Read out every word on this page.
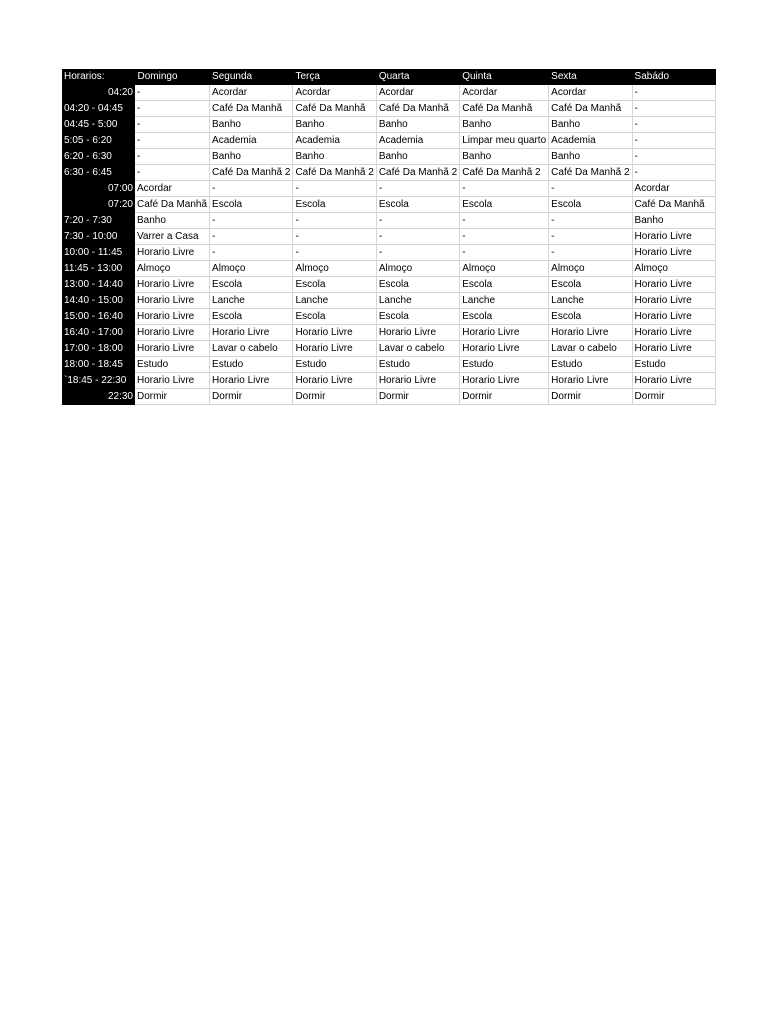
Horarios:	Domingo	Segunda	Terça	Quarta	Quinta	Sexta	Sabádo
04:20	-	Acordar	Acordar	Acordar	Acordar	Acordar	-
04:20 - 04:45	-	Café Da Manhã	Café Da Manhã	Café Da Manhã	Café Da Manhã	Café Da Manhã	-
04:45 - 5:00	-	Banho	Banho	Banho	Banho	Banho	-
5:05 - 6:20	-	Academia	Academia	Academia	Limpar meu quarto	Academia	-
6:20 - 6:30	-	Banho	Banho	Banho	Banho	Banho	-
6:30 - 6:45	-	Café Da Manhã 2	Café Da Manhã 2	Café Da Manhã 2	Café Da Manhã 2	Café Da Manhã 2	-
07:00	Acordar	-	-	-	-	-	Acordar
07:20	Café Da Manhã	Escola	Escola	Escola	Escola	Escola	Café Da Manhã
7:20 - 7:30	Banho	-	-	-	-	-	Banho
7:30 - 10:00	Varrer a Casa	-	-	-	-	-	Horario Livre
10:00 - 11:45	Horario Livre	-	-	-	-	-	Horario Livre
11:45 - 13:00	Almoço	Almoço	Almoço	Almoço	Almoço	Almoço	Almoço
13:00 - 14:40	Horario Livre	Escola	Escola	Escola	Escola	Escola	Horario Livre
14:40 - 15:00	Horario Livre	Lanche	Lanche	Lanche	Lanche	Lanche	Horario Livre
15:00 - 16:40	Horario Livre	Escola	Escola	Escola	Escola	Escola	Horario Livre
16:40 - 17:00	Horario Livre	Horario Livre	Horario Livre	Horario Livre	Horario Livre	Horario Livre	Horario Livre
17:00 - 18:00	Horario Livre	Lavar o cabelo	Horario Livre	Lavar o cabelo	Horario Livre	Lavar o cabelo	Horario Livre
18:00 - 18:45	Estudo	Estudo	Estudo	Estudo	Estudo	Estudo	Estudo
`18:45 - 22:30	Horario Livre	Horario Livre	Horario Livre	Horario Livre	Horario Livre	Horario Livre	Horario Livre
22:30	Dormir	Dormir	Dormir	Dormir	Dormir	Dormir	Dormir
